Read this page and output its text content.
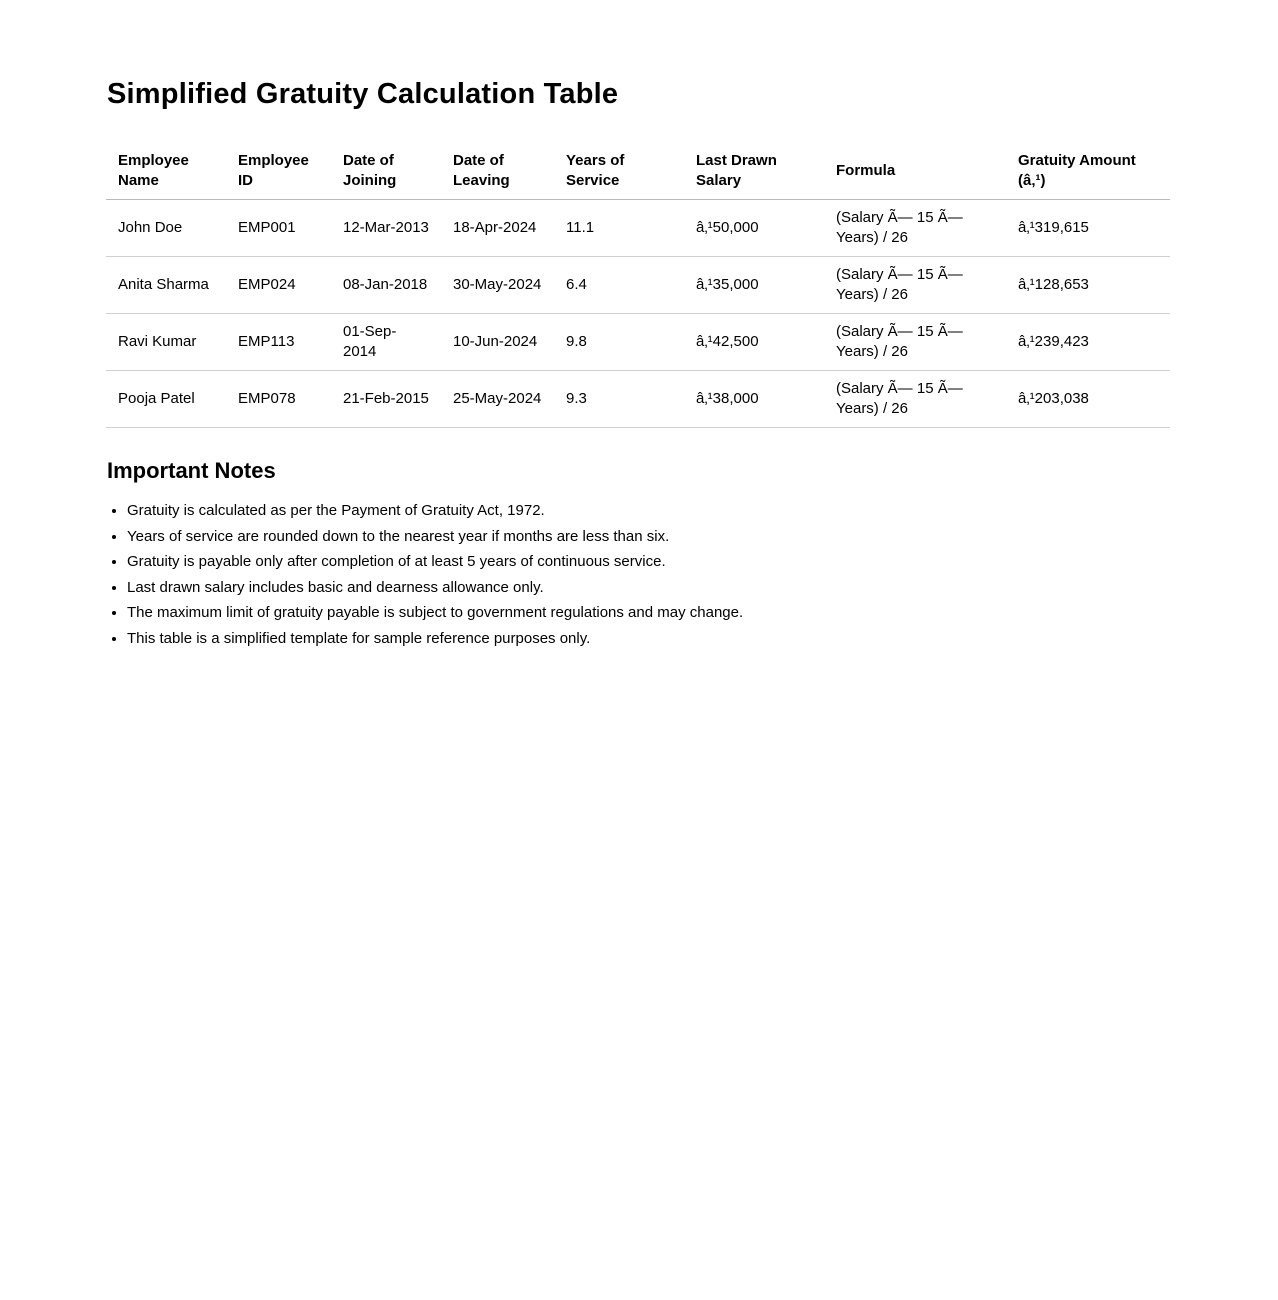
Simplified Gratuity Calculation Table
Employee Name	Employee ID	Date of Joining	Date of Leaving	Years of Service	Last Drawn Salary	Formula	Gratuity Amount (â‚¹)
John Doe	EMP001	12-Mar-2013	18-Apr-2024	11.1	â‚¹50,000	(Salary Ã— 15 Ã— Years) / 26	â‚¹319,615
Anita Sharma	EMP024	08-Jan-2018	30-May-2024	6.4	â‚¹35,000	(Salary Ã— 15 Ã— Years) / 26	â‚¹128,653
Ravi Kumar	EMP113	01-Sep-2014	10-Jun-2024	9.8	â‚¹42,500	(Salary Ã— 15 Ã— Years) / 26	â‚¹239,423
Pooja Patel	EMP078	21-Feb-2015	25-May-2024	9.3	â‚¹38,000	(Salary Ã— 15 Ã— Years) / 26	â‚¹203,038
Important Notes
• Gratuity is calculated as per the Payment of Gratuity Act, 1972.
• Years of service are rounded down to the nearest year if months are less than six.
• Gratuity is payable only after completion of at least 5 years of continuous service.
• Last drawn salary includes basic and dearness allowance only.
• The maximum limit of gratuity payable is subject to government regulations and may change.
• This table is a simplified template for sample reference purposes only.
